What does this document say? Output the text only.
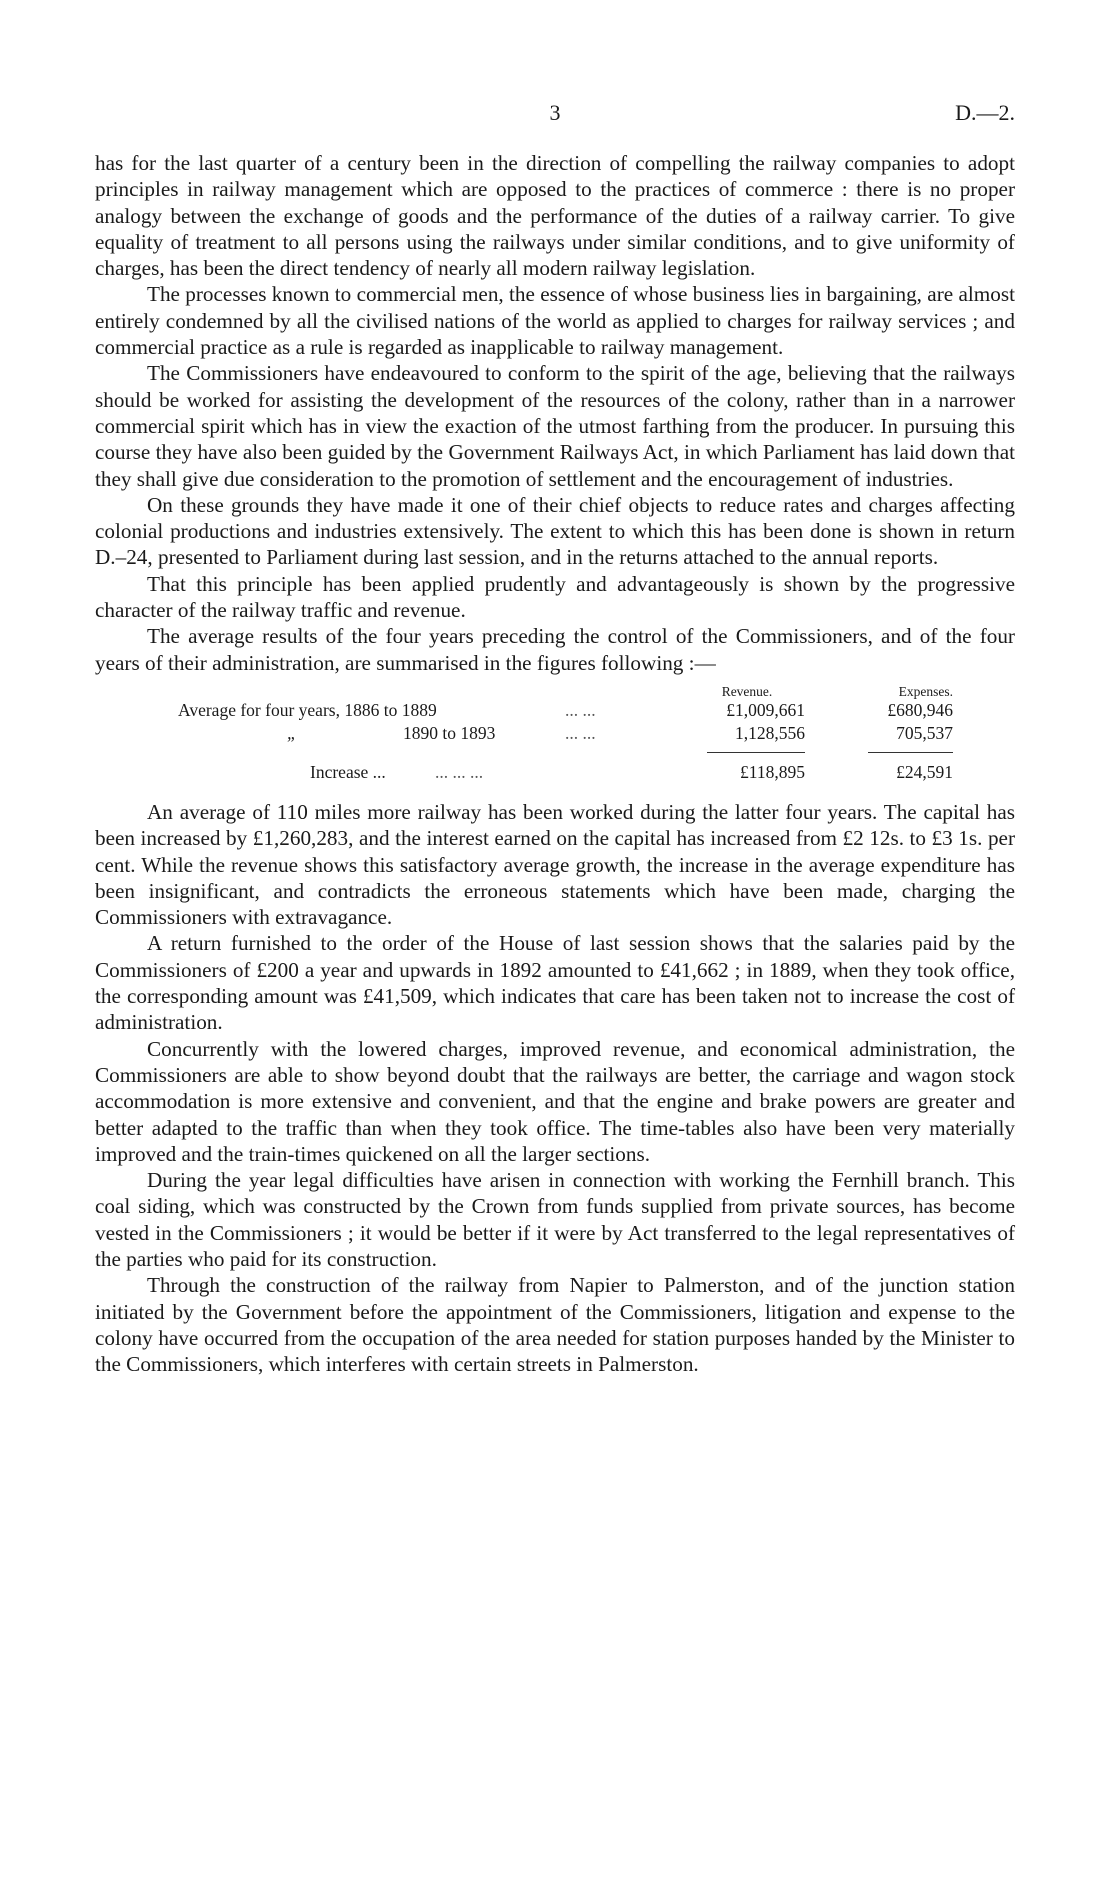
3	D.—2.

has for the last quarter of a century been in the direction of compelling the railway companies to adopt principles in railway management which are opposed to the practices of commerce : there is no proper analogy between the exchange of goods and the performance of the duties of a railway carrier. To give equality of treatment to all persons using the railways under similar conditions, and to give uniformity of charges, has been the direct tendency of nearly all modern railway legislation.

The processes known to commercial men, the essence of whose business lies in bargaining, are almost entirely condemned by all the civilised nations of the world as applied to charges for railway services ; and commercial practice as a rule is regarded as inapplicable to railway management.

The Commissioners have endeavoured to conform to the spirit of the age, believing that the railways should be worked for assisting the development of the resources of the colony, rather than in a narrower commercial spirit which has in view the exaction of the utmost farthing from the producer. In pursuing this course they have also been guided by the Government Railways Act, in which Parliament has laid down that they shall give due consideration to the promotion of settlement and the encouragement of industries.

On these grounds they have made it one of their chief objects to reduce rates and charges affecting colonial productions and industries extensively. The extent to which this has been done is shown in return D.–24, presented to Parliament during last session, and in the returns attached to the annual reports.

That this principle has been applied prudently and advantageously is shown by the progressive character of the railway traffic and revenue.

The average results of the four years preceding the control of the Commissioners, and of the four years of their administration, are summarised in the figures following :—

Revenue.	Expenses.
Average for four years, 1886 to 1889	... ...	£1,009,661	£680,946
„	1890 to 1893	... ...	1,128,556	705,537
Increase ...	... ... ...	£118,895	£24,591

An average of 110 miles more railway has been worked during the latter four years. The capital has been increased by £1,260,283, and the interest earned on the capital has increased from £2 12s. to £3 1s. per cent. While the revenue shows this satisfactory average growth, the increase in the average expenditure has been insignificant, and contradicts the erroneous statements which have been made, charging the Commissioners with extravagance.

A return furnished to the order of the House of last session shows that the salaries paid by the Commissioners of £200 a year and upwards in 1892 amounted to £41,662 ; in 1889, when they took office, the corresponding amount was £41,509, which indicates that care has been taken not to increase the cost of administration.

Concurrently with the lowered charges, improved revenue, and economical administration, the Commissioners are able to show beyond doubt that the railways are better, the carriage and wagon stock accommodation is more extensive and convenient, and that the engine and brake powers are greater and better adapted to the traffic than when they took office. The time-tables also have been very materially improved and the train-times quickened on all the larger sections.

During the year legal difficulties have arisen in connection with working the Fernhill branch. This coal siding, which was constructed by the Crown from funds supplied from private sources, has become vested in the Commissioners ; it would be better if it were by Act transferred to the legal representatives of the parties who paid for its construction.

Through the construction of the railway from Napier to Palmerston, and of the junction station initiated by the Government before the appointment of the Commissioners, litigation and expense to the colony have occurred from the occupation of the area needed for station purposes handed by the Minister to the Commissioners, which interferes with certain streets in Palmerston.
